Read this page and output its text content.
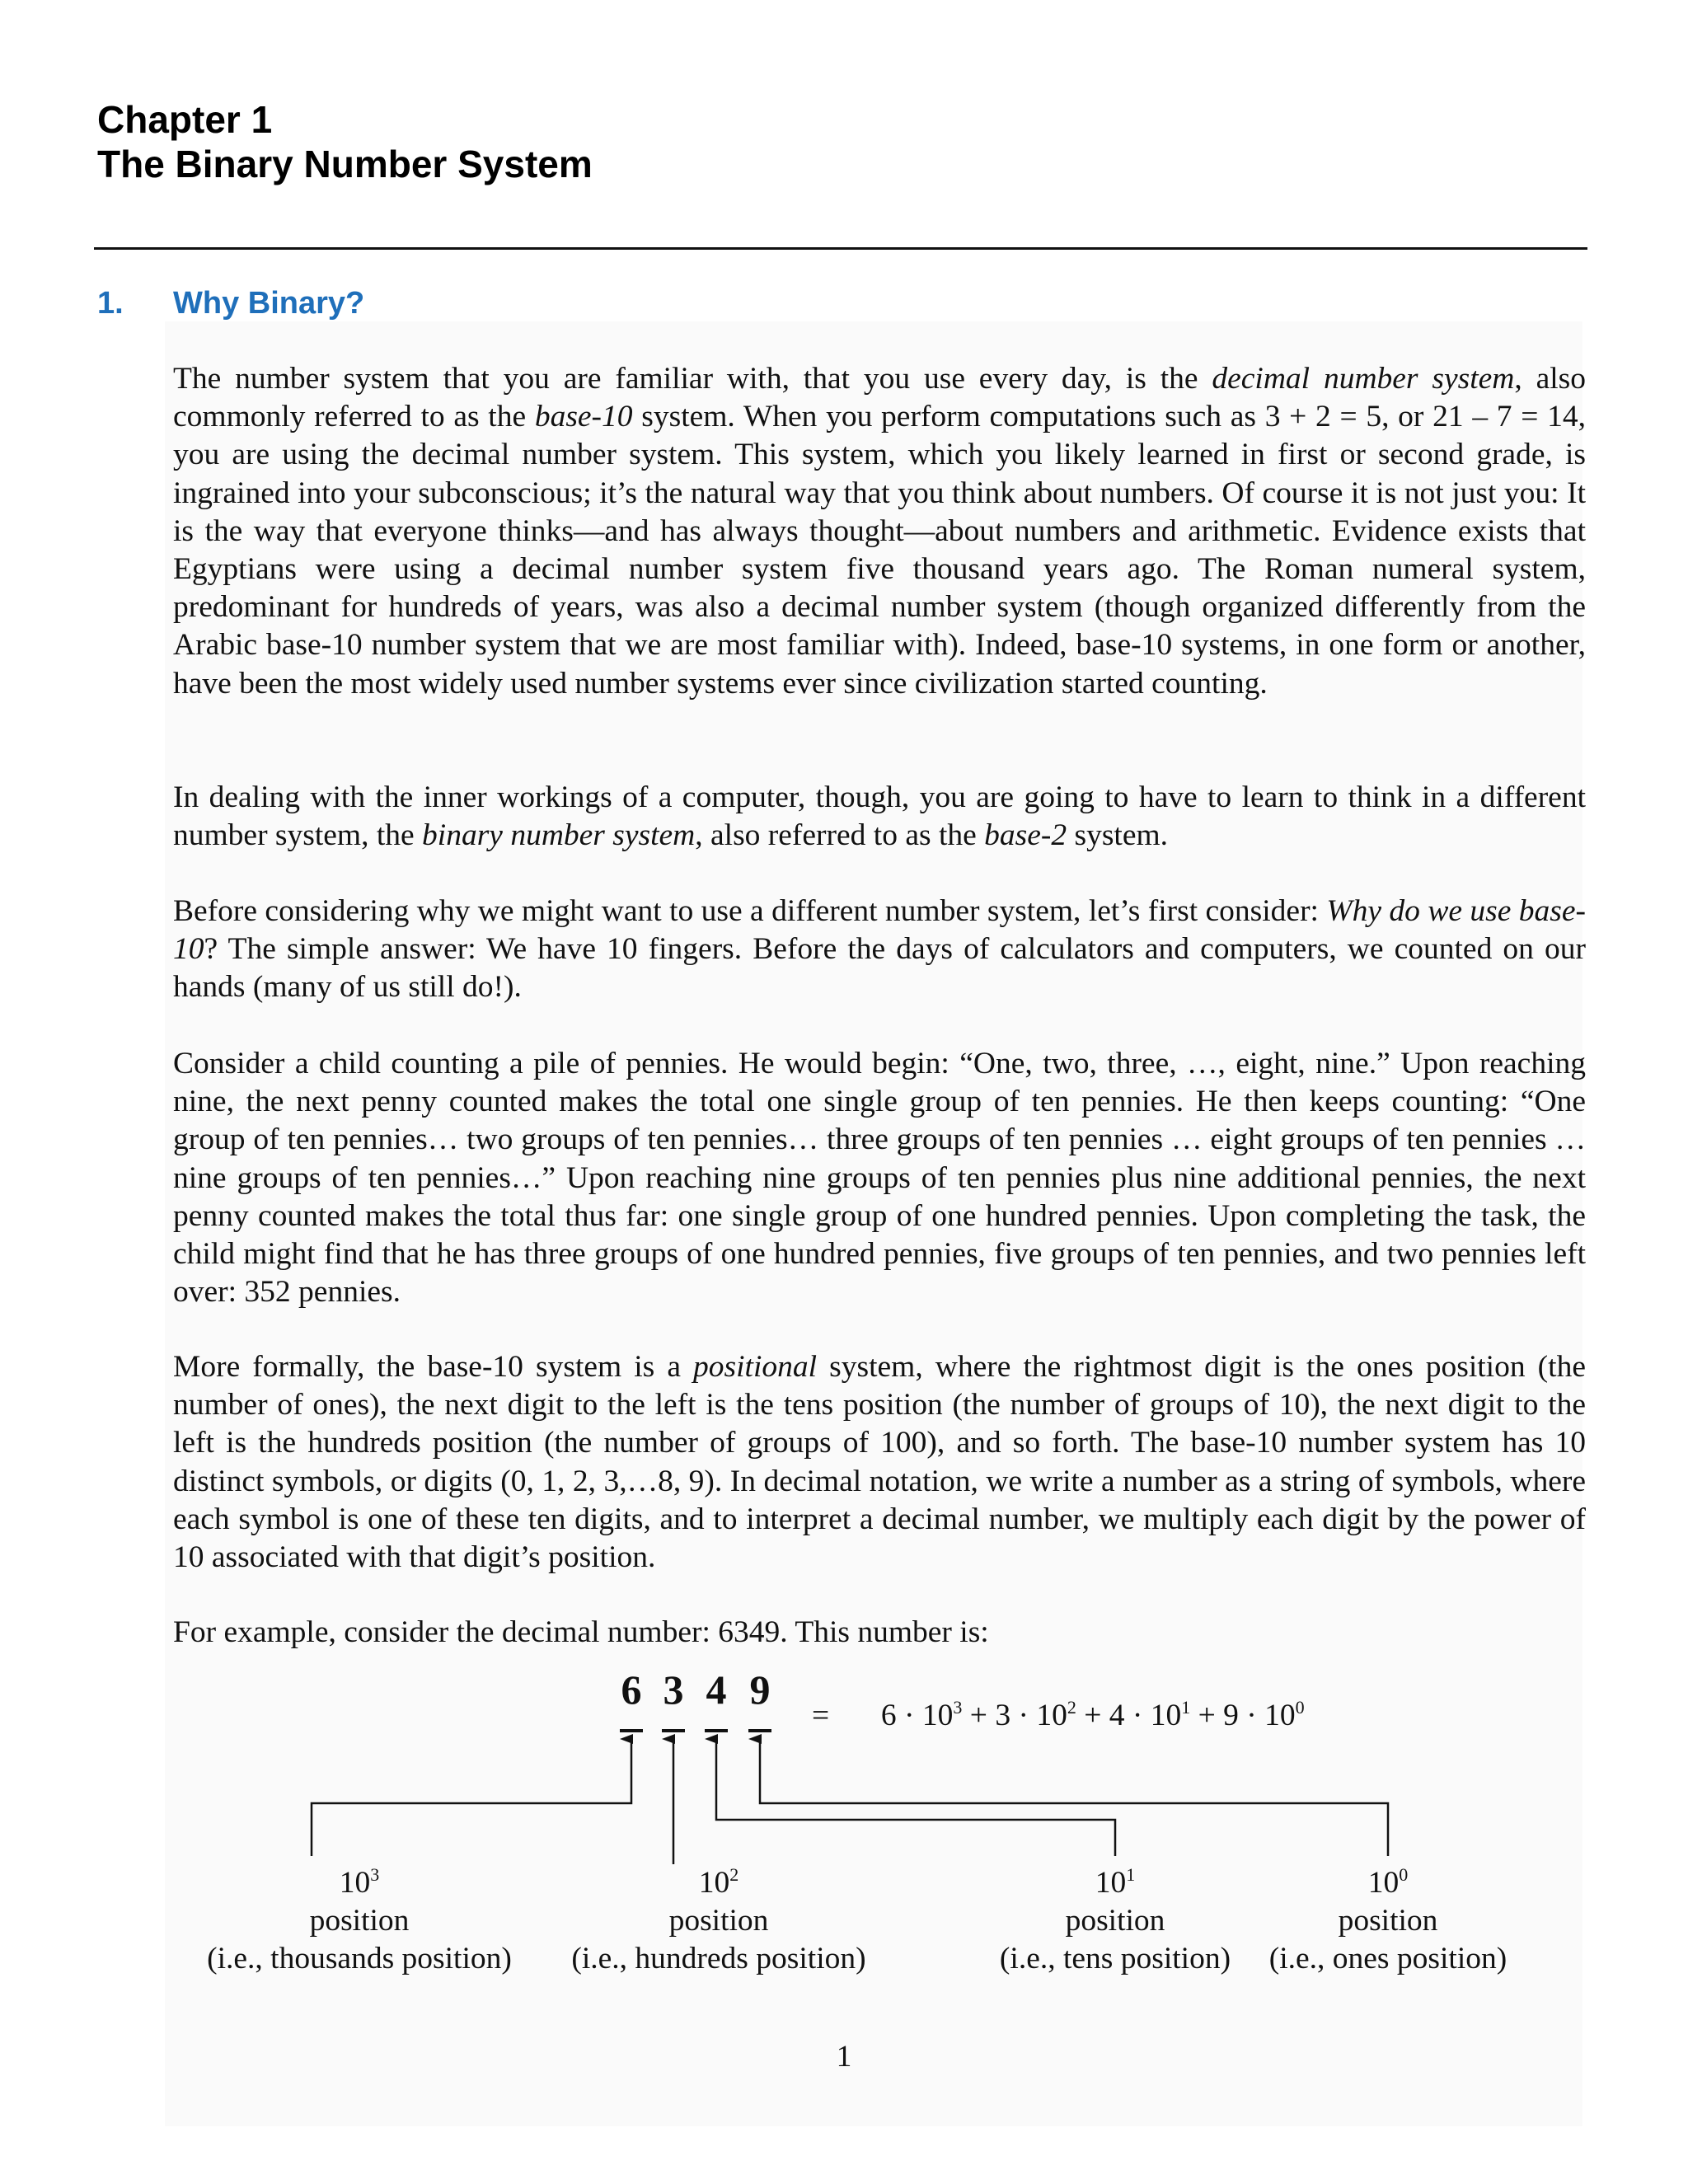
Chapter 1
The Binary Number System
1. Why Binary?

The number system that you are familiar with, that you use every day, is the decimal number system, also commonly referred to as the base-10 system. When you perform computations such as 3 + 2 = 5, or 21 – 7 = 14, you are using the decimal number system. This system, which you likely learned in first or second grade, is ingrained into your subconscious; it’s the natural way that you think about numbers. Of course it is not just you: It is the way that everyone thinks—and has always thought—about numbers and arithmetic. Evidence exists that Egyptians were using a decimal number system five thousand years ago. The Roman numeral system, predominant for hundreds of years, was also a decimal number system (though organized differently from the Arabic base-10 number system that we are most familiar with). Indeed, base-10 systems, in one form or another, have been the most widely used number systems ever since civilization started counting.

In dealing with the inner workings of a computer, though, you are going to have to learn to think in a different number system, the binary number system, also referred to as the base-2 system.

Before considering why we might want to use a different number system, let’s first consider: Why do we use base-10? The simple answer: We have 10 fingers. Before the days of calculators and computers, we counted on our hands (many of us still do!).

Consider a child counting a pile of pennies. He would begin: “One, two, three, …, eight, nine.” Upon reaching nine, the next penny counted makes the total one single group of ten pennies. He then keeps counting: “One group of ten pennies… two groups of ten pennies… three groups of ten pennies … eight groups of ten pennies … nine groups of ten pennies…” Upon reaching nine groups of ten pennies plus nine additional pennies, the next penny counted makes the total thus far: one single group of one hundred pennies. Upon completing the task, the child might find that he has three groups of one hundred pennies, five groups of ten pennies, and two pennies left over: 352 pennies.

More formally, the base-10 system is a positional system, where the rightmost digit is the ones position (the number of ones), the next digit to the left is the tens position (the number of groups of 10), the next digit to the left is the hundreds position (the number of groups of 100), and so forth. The base-10 number system has 10 distinct symbols, or digits (0, 1, 2, 3,…8, 9). In decimal notation, we write a number as a string of symbols, where each symbol is one of these ten digits, and to interpret a decimal number, we multiply each digit by the power of 10 associated with that digit’s position.

For example, consider the decimal number: 6349. This number is:

6 3 4 9
= $6 \cdot 10^3 + 3 \cdot 10^2 + 4 \cdot 10^1 + 9 \cdot 10^0$
$10^3$
position
(i.e., thousands position)
$10^2$
position
(i.e., hundreds position)
$10^1$
position
(i.e., tens position)
$10^0$
position
(i.e., ones position)
1
